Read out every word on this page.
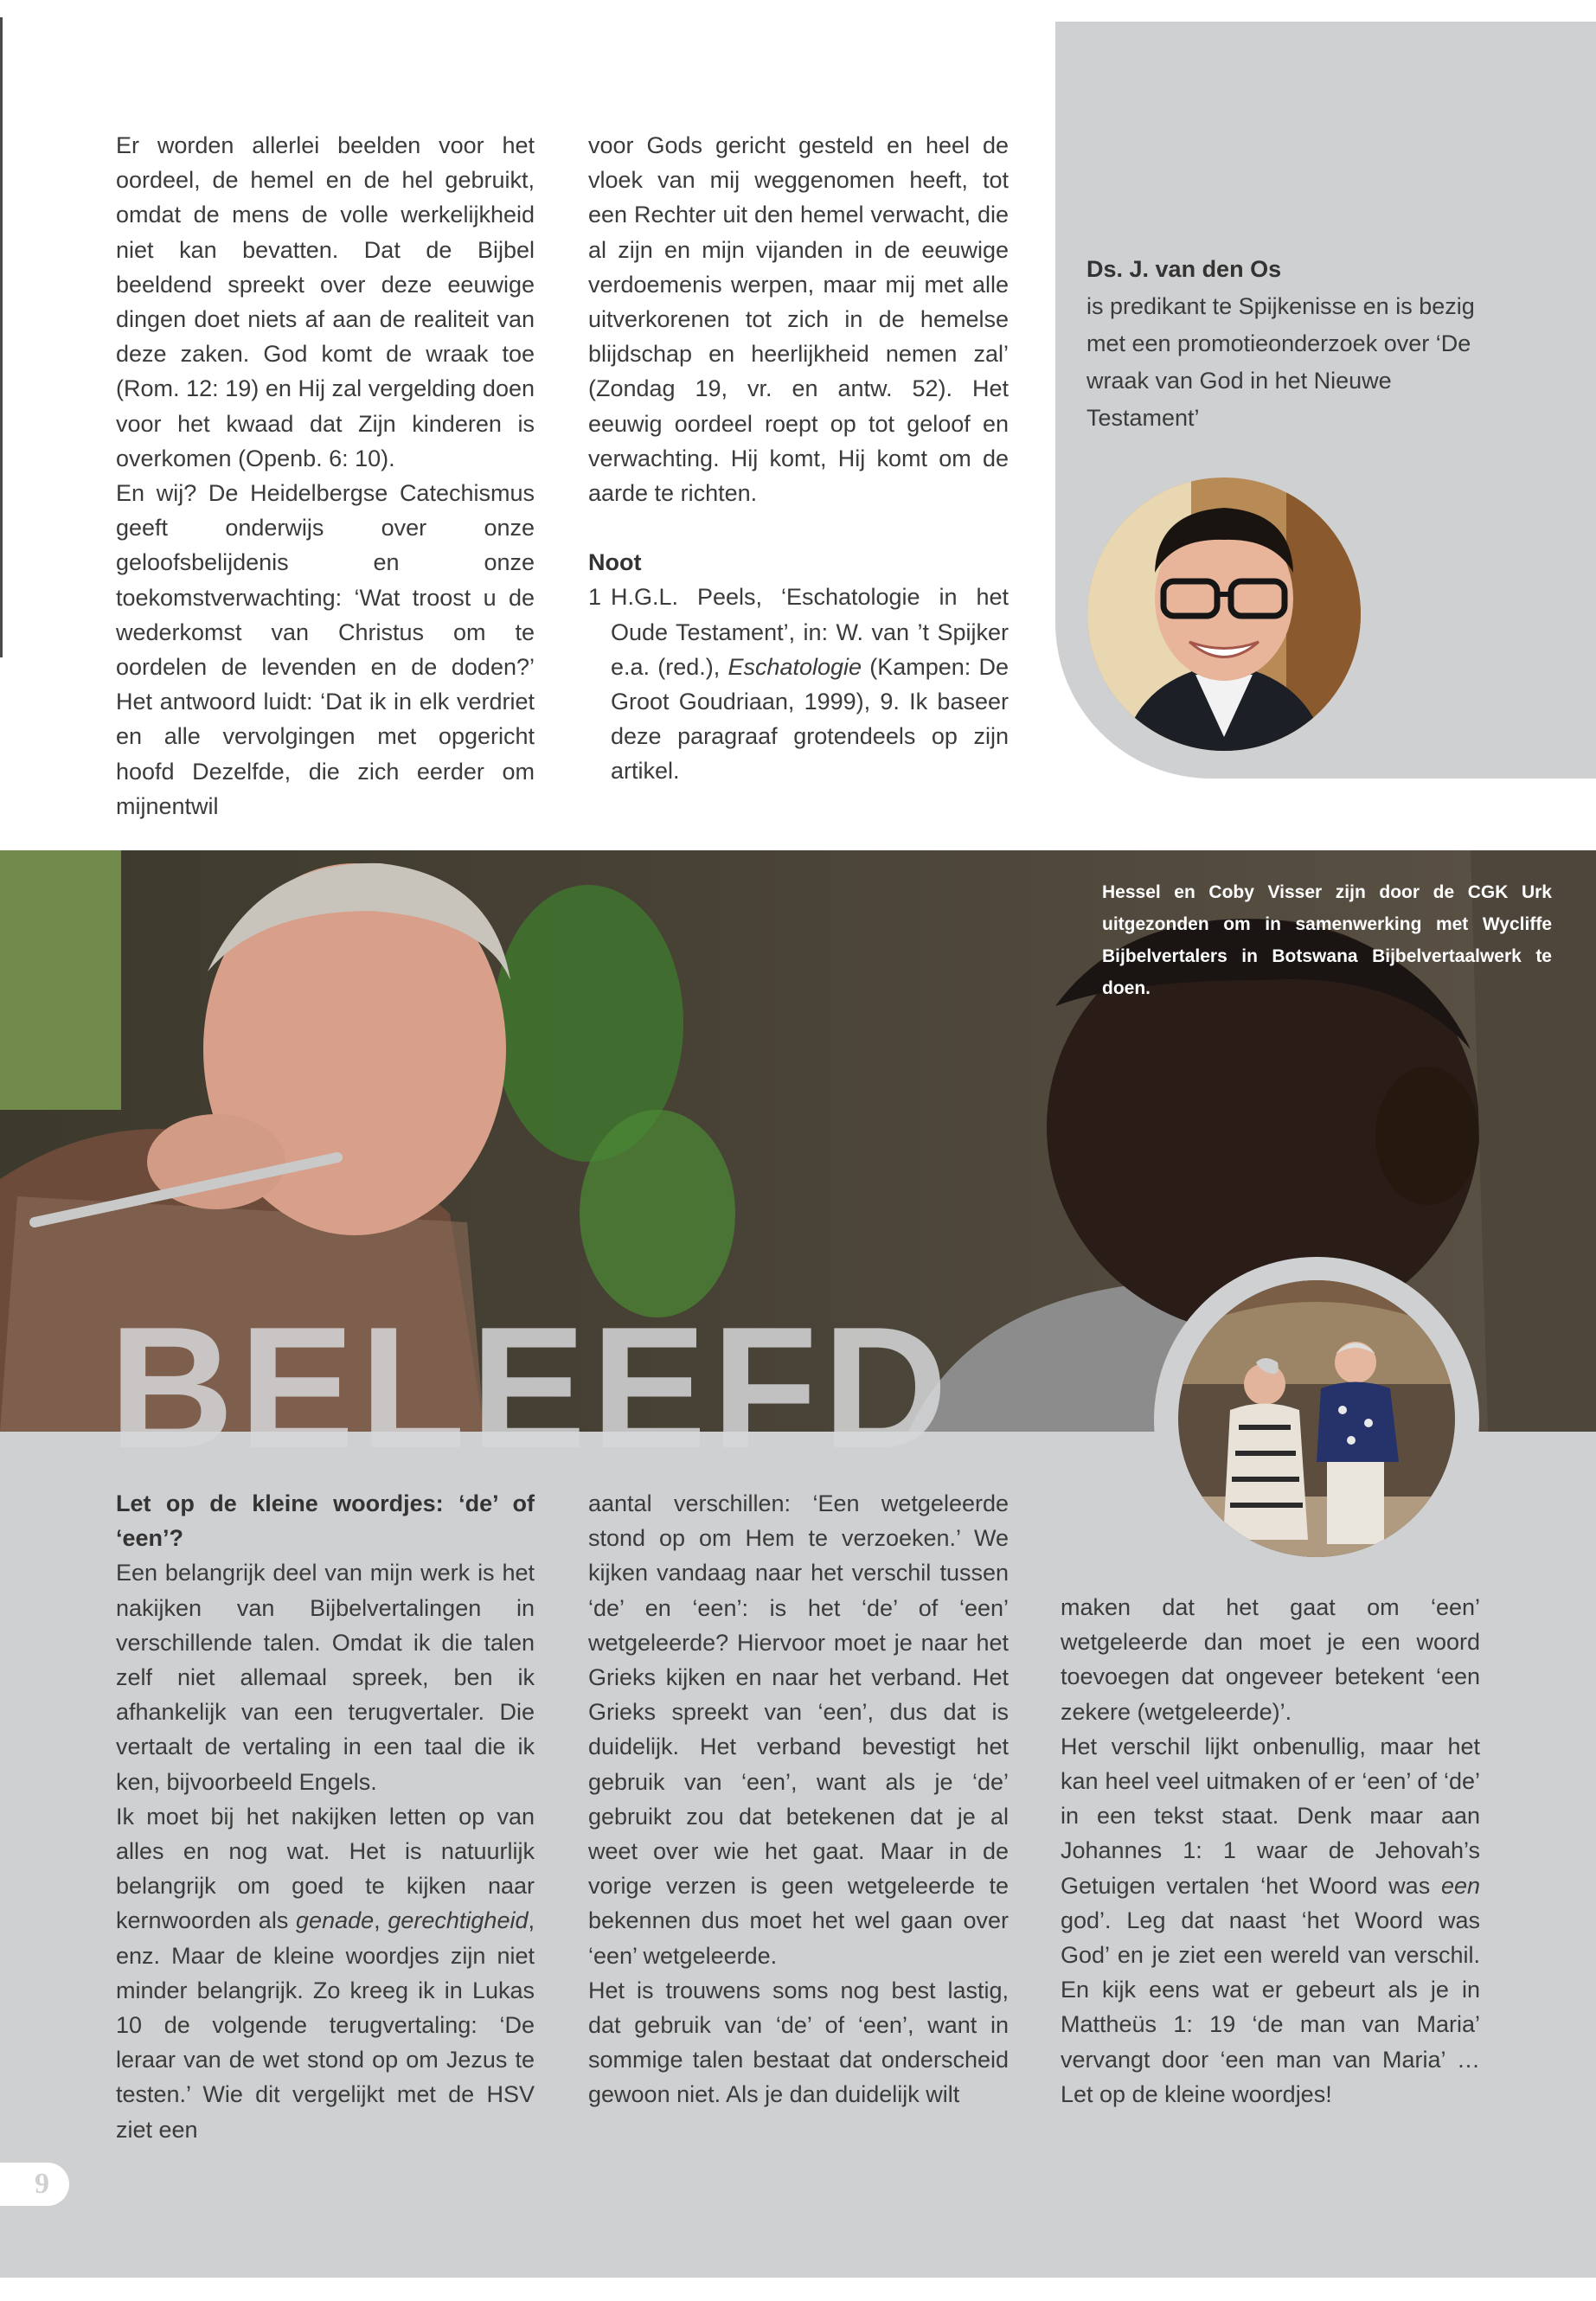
Er worden allerlei beelden voor het oordeel, de hemel en de hel gebruikt, omdat de mens de volle werkelijkheid niet kan bevatten. Dat de Bijbel beeldend spreekt over deze eeuwige dingen doet niets af aan de realiteit van deze zaken. God komt de wraak toe (Rom. 12: 19) en Hij zal vergelding doen voor het kwaad dat Zijn kinderen is overkomen (Openb. 6: 10).

En wij? De Heidelbergse Catechismus geeft onderwijs over onze geloofsbelijdenis en onze toekomstverwachting: ‘Wat troost u de wederkomst van Christus om te oordelen de levenden en de doden?’ Het antwoord luidt: ‘Dat ik in elk verdriet en alle vervolgingen met opgericht hoofd Dezelfde, die zich eerder om mijnentwil

voor Gods gericht gesteld en heel de vloek van mij weggenomen heeft, tot een Rechter uit den hemel verwacht, die al zijn en mijn vijanden in de eeuwige verdoemenis werpen, maar mij met alle uitverkorenen tot zich in de hemelse blijdschap en heerlijkheid nemen zal’ (Zondag 19, vr. en antw. 52). Het eeuwig oordeel roept op tot geloof en verwachting. Hij komt, Hij komt om de aarde te richten.

Noot

1 H.G.L. Peels, ‘Eschatologie in het Oude Testament’, in: W. van ’t Spijker e.a. (red.), Eschatologie (Kampen: De Groot Goudriaan, 1999), 9. Ik baseer deze paragraaf grotendeels op zijn artikel.
Ds. J. van den Os
is predikant te Spijkenisse en is bezig met een promotieonderzoek over ‘De wraak van God in het Nieuwe Testament’
Hessel en Coby Visser zijn door de CGK Urk uitgezonden om in samenwerking met Wycliffe Bijbelvertalers in Botswana Bijbelvertaalwerk te doen.
BELEEFD

Let op de kleine woordjes: ‘de’ of ‘een’?

Een belangrijk deel van mijn werk is het nakijken van Bijbelvertalingen in verschillende talen. Omdat ik die talen zelf niet allemaal spreek, ben ik afhankelijk van een terugvertaler. Die vertaalt de vertaling in een taal die ik ken, bijvoorbeeld Engels.

Ik moet bij het nakijken letten op van alles en nog wat. Het is natuurlijk belangrijk om goed te kijken naar kernwoorden als genade, gerechtigheid, enz. Maar de kleine woordjes zijn niet minder belangrijk. Zo kreeg ik in Lukas 10 de volgende terugvertaling: ‘De leraar van de wet stond op om Jezus te testen.’ Wie dit vergelijkt met de HSV ziet een

aantal verschillen: ‘Een wetgeleerde stond op om Hem te verzoeken.’ We kijken vandaag naar het verschil tussen ‘de’ en ‘een’: is het ‘de’ of ‘een’ wetgeleerde? Hiervoor moet je naar het Grieks kijken en naar het verband. Het Grieks spreekt van ‘een’, dus dat is duidelijk. Het verband bevestigt het gebruik van ‘een’, want als je ‘de’ gebruikt zou dat betekenen dat je al weet over wie het gaat. Maar in de vorige verzen is geen wetgeleerde te bekennen dus moet het wel gaan over ‘een’ wetgeleerde.

Het is trouwens soms nog best lastig, dat gebruik van ‘de’ of ‘een’, want in sommige talen bestaat dat onderscheid gewoon niet. Als je dan duidelijk wilt

maken dat het gaat om ‘een’ wetgeleerde dan moet je een woord toevoegen dat ongeveer betekent ‘een zekere (wetgeleerde)’.

Het verschil lijkt onbenullig, maar het kan heel veel uitmaken of er ‘een’ of ‘de’ in een tekst staat. Denk maar aan Johannes 1: 1 waar de Jehovah’s Getuigen vertalen ‘het Woord was een god’. Leg dat naast ‘het Woord was God’ en je ziet een wereld van verschil. En kijk eens wat er gebeurt als je in Mattheüs 1: 19 ‘de man van Maria’ vervangt door ‘een man van Maria’ … Let op de kleine woordjes!

9
